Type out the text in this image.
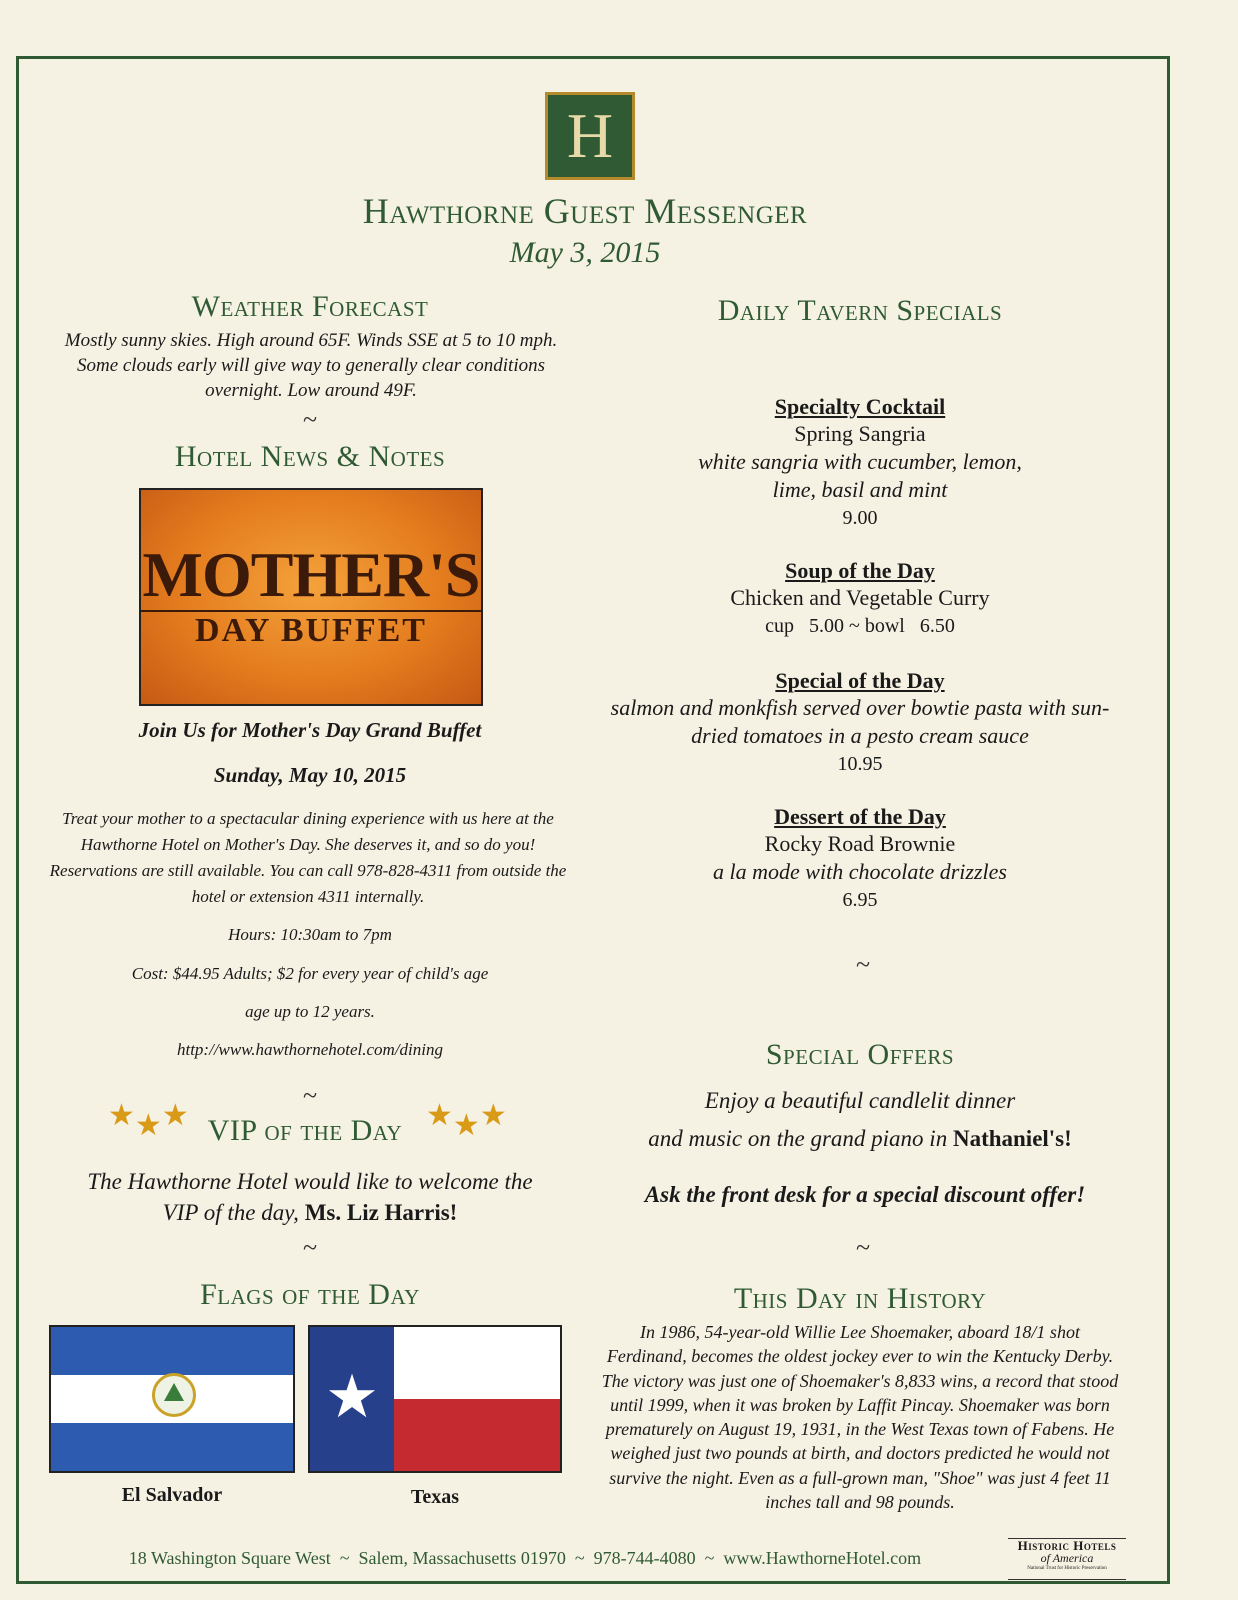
H
Hawthorne Guest Messenger
May 3, 2015
Weather Forecast
Mostly sunny skies. High around 65F. Winds SSE at 5 to 10 mph. Some clouds early will give way to generally clear conditions overnight. Low around 49F.
~
Hotel News & Notes
MOTHER'S
DAY BUFFET
Join Us for Mother's Day Grand Buffet
Sunday, May 10, 2015
Treat your mother to a spectacular dining experience with us here at the Hawthorne Hotel on Mother's Day. She deserves it, and so do you! Reservations are still available. You can call 978-828-4311 from outside the hotel or extension 4311 internally.
Hours: 10:30am to 7pm
Cost: $44.95 Adults; $2 for every year of child's age
age up to 12 years.
http://www.hawthornehotel.com/dining
~
★★★ VIP of the Day ★★★
The Hawthorne Hotel would like to welcome the VIP of the day, Ms. Liz Harris!
~
Flags of the Day
El Salvador
★
Texas
Daily Tavern Specials
Specialty Cocktail
Spring Sangria
white sangria with cucumber, lemon, lime, basil and mint
9.00
Soup of the Day
Chicken and Vegetable Curry
cup   5.00 ~ bowl   6.50
Special of the Day
salmon and monkfish served over bowtie pasta with sun-dried tomatoes in a pesto cream sauce
10.95
Dessert of the Day
Rocky Road Brownie
a la mode with chocolate drizzles
6.95
~
Special Offers
Enjoy a beautiful candlelit dinner
and music on the grand piano in Nathaniel's!
Ask the front desk for a special discount offer!
~
This Day in History
In 1986, 54-year-old Willie Lee Shoemaker, aboard 18/1 shot Ferdinand, becomes the oldest jockey ever to win the Kentucky Derby. The victory was just one of Shoemaker's 8,833 wins, a record that stood until 1999, when it was broken by Laffit Pincay. Shoemaker was born prematurely on August 19, 1931, in the West Texas town of Fabens. He weighed just two pounds at birth, and doctors predicted he would not survive the night. Even as a full-grown man, "Shoe" was just 4 feet 11 inches tall and 98 pounds.
18 Washington Square West  ~  Salem, Massachusetts 01970  ~  978-744-4080  ~  www.HawthorneHotel.com
Historic Hotels
of America
National Trust for Historic Preservation
